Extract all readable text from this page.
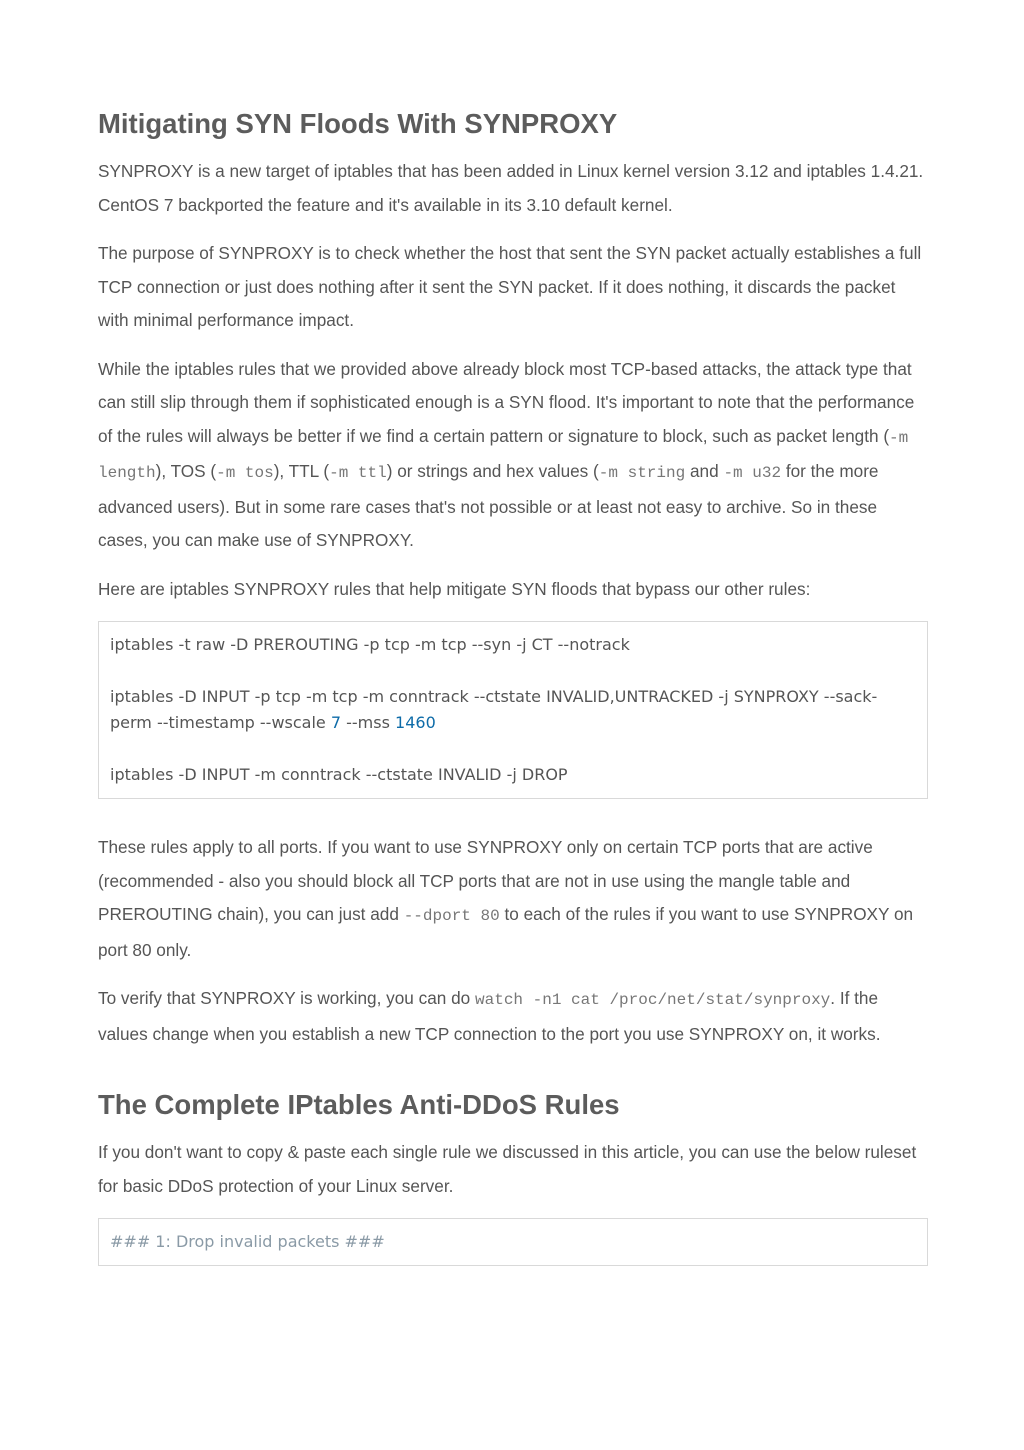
Mitigating SYN Floods With SYNPROXY

SYNPROXY is a new target of iptables that has been added in Linux kernel version 3.12 and iptables 1.4.21. CentOS 7 backported the feature and it's available in its 3.10 default kernel.

The purpose of SYNPROXY is to check whether the host that sent the SYN packet actually establishes a full TCP connection or just does nothing after it sent the SYN packet. If it does nothing, it discards the packet with minimal performance impact.

While the iptables rules that we provided above already block most TCP-based attacks, the attack type that can still slip through them if sophisticated enough is a SYN flood. It's important to note that the performance of the rules will always be better if we find a certain pattern or signature to block, such as packet length (-m length), TOS (-m tos), TTL (-m ttl) or strings and hex values (-m string and -m u32 for the more advanced users). But in some rare cases that's not possible or at least not easy to archive. So in these cases, you can make use of SYNPROXY.

Here are iptables SYNPROXY rules that help mitigate SYN floods that bypass our other rules:

iptables -t raw -D PREROUTING -p tcp -m tcp --syn -j CT --notrack
iptables -D INPUT -p tcp -m tcp -m conntrack --ctstate INVALID,UNTRACKED -j SYNPROXY --sack-
perm --timestamp --wscale 7 --mss 1460
iptables -D INPUT -m conntrack --ctstate INVALID -j DROP

These rules apply to all ports. If you want to use SYNPROXY only on certain TCP ports that are active (recommended - also you should block all TCP ports that are not in use using the mangle table and PREROUTING chain), you can just add --dport 80 to each of the rules if you want to use SYNPROXY on port 80 only.

To verify that SYNPROXY is working, you can do watch -n1 cat /proc/net/stat/synproxy. If the values change when you establish a new TCP connection to the port you use SYNPROXY on, it works.

The Complete IPtables Anti-DDoS Rules

If you don't want to copy & paste each single rule we discussed in this article, you can use the below ruleset for basic DDoS protection of your Linux server.

### 1: Drop invalid packets ###
